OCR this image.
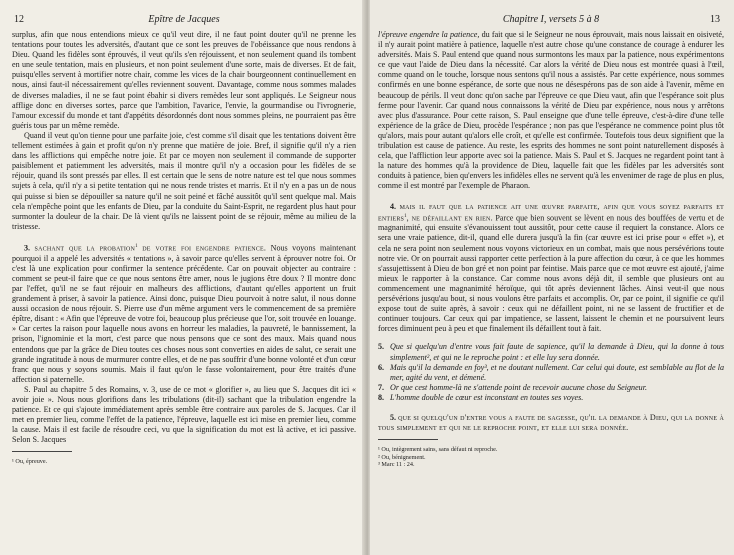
12	Epître de Jacques

surplus, afin que nous entendions mieux ce qu'il veut dire, il ne faut point douter qu'il ne prenne les tentations pour toutes les adversités, d'autant que ce sont les preuves de l'obéissance que nous rendons à Dieu. Quand les fidèles sont éprouvés, il veut qu'ils s'en réjouissent, et non seulement quand ils tombent en une seule tentation, mais en plusieurs, et non point seulement d'une sorte, mais de diverses. Et de fait, puisqu'elles servent à mortifier notre chair, comme les vices de la chair bourgeonnent continuellement en nous, ainsi faut-il nécessairement qu'elles reviennent souvent. Davantage, comme nous sommes malades de diverses maladies, il ne se faut point ébahir si divers remèdes leur sont appliqués. Le Seigneur nous afflige donc en diverses sortes, parce que l'ambition, l'avarice, l'envie, la gourmandise ou l'ivrognerie, l'amour excessif du monde et tant d'appétits désordonnés dont nous sommes pleins, ne pourraient pas être guéris tous par un même remède.

Quand il veut qu'on tienne pour une parfaite joie, c'est comme s'il disait que les tentations doivent être tellement estimées à gain et profit qu'on n'y prenne que matière de joie. Bref, il signifie qu'il n'y a rien dans les afflictions qui empêche notre joie. Et par ce moyen non seulement il commande de supporter paisiblement et patiemment les adversités, mais il montre qu'il n'y a occasion pour les fidèles de se réjouir, quand ils sont pressés par elles. Il est certain que le sens de notre nature est tel que nous sommes sujets à cela, qu'il n'y a si petite tentation qui ne nous rende tristes et marris. Et il n'y en a pas un de nous qui puisse si bien se dépouiller sa nature qu'il ne soit peiné et fâché aussitôt qu'il sent quelque mal. Mais cela n'empêche point que les enfants de Dieu, par la conduite du Saint-Esprit, ne regardent plus haut pour surmonter la douleur de la chair. De là vient qu'ils ne laissent point de se réjouir, même au milieu de la tristesse.

3. sachant que la probation$^1$ de votre foi engendre patience. Nous voyons maintenant pourquoi il a appelé les adversités « tentations », à savoir parce qu'elles servent à éprouver notre foi. Or c'est là une explication pour confirmer la sentence précédente. Car on pouvait objecter au contraire : comment se peut-il faire que ce que nous sentons être amer, nous le jugions être doux ? Il montre donc par l'effet, qu'il ne se faut réjouir en malheurs des afflictions, d'autant qu'elles apportent un fruit grandement à priser, à savoir la patience. Ainsi donc, puisque Dieu pourvoit à notre salut, il nous donne aussi occasion de nous réjouir. S. Pierre use d'un même argument vers le commencement de sa première épître, disant : « Afin que l'épreuve de votre foi, beaucoup plus précieuse que l'or, soit trouvée en louange. » Car certes la raison pour laquelle nous avons en horreur les maladies, la pauvreté, le bannissement, la prison, l'ignominie et la mort, c'est parce que nous pensons que ce sont des maux. Mais quand nous entendons que par la grâce de Dieu toutes ces choses nous sont converties en aides de salut, ce serait une grande ingratitude à nous de murmurer contre elles, et de ne pas souffrir d'une bonne volonté et d'un cœur franc que nous y soyons soumis. Mais il faut qu'on le fasse volontairement, pour être traités d'une affection si paternelle.

S. Paul au chapitre 5 des Romains, v. 3, use de ce mot « glorifier », au lieu que S. Jacques dit ici « avoir joie ». Nous nous glorifions dans les tribulations (dit-il) sachant que la tribulation engendre la patience. Et ce qui s'ajoute immédiatement après semble être contraire aux paroles de S. Jacques. Car il met en premier lieu, comme l'effet de la patience, l'épreuve, laquelle est ici mise en premier lieu, comme la cause. Mais il est facile de résoudre ceci, vu que la signification du mot est là active, et ici passive. Selon S. Jacques

¹ Ou, épreuve.
Chapitre I, versets 5 à 8	13

l'épreuve engendre la patience, du fait que si le Seigneur ne nous éprouvait, mais nous laissait en oisiveté, il n'y aurait point matière à patience, laquelle n'est autre chose qu'une constance de courage à endurer les adversités. Mais S. Paul entend que quand nous surmontons les maux par la patience, nous expérimentons ce que vaut l'aide de Dieu dans la nécessité. Car alors la vérité de Dieu nous est montrée quasi à l'œil, comme quand on le touche, lorsque nous sentons qu'il nous a assistés. Par cette expérience, nous sommes confirmés en une bonne espérance, de sorte que nous ne désespérons pas de son aide à l'avenir, même en beaucoup de périls. Il veut donc qu'on sache par l'épreuve ce que Dieu vaut, afin que l'espérance soit plus ferme pour l'avenir. Car quand nous connaissons la vérité de Dieu par expérience, nous nous y arrêtons avec plus d'assurance. Pour cette raison, S. Paul enseigne que d'une telle épreuve, c'est-à-dire d'une telle expérience de la grâce de Dieu, procède l'espérance ; non pas que l'espérance ne commence point plus tôt qu'alors, mais pour autant qu'alors elle croît, et qu'elle est confirmée. Toutefois tous deux signifient que la tribulation est cause de patience. Au reste, les esprits des hommes ne sont point naturellement disposés à cela, que l'affliction leur apporte avec soi la patience. Mais S. Paul et S. Jacques ne regardent point tant à la nature des hommes qu'à la providence de Dieu, laquelle fait que les fidèles par les adversités sont conduits à patience, bien qu'envers les infidèles elles ne servent qu'à les envenimer de rage de plus en plus, comme il est montré par l'exemple de Pharaon.

4. mais il faut que la patience ait une œuvre parfaite, afin que vous soyez parfaits et entiers$^1$, ne défaillant en rien. Parce que bien souvent se lèvent en nous des bouffées de vertu et de magnanimité, qui ensuite s'évanouissent tout aussitôt, pour cette cause il requiert la constance. Alors ce sera une vraie patience, dit-il, quand elle durera jusqu'à la fin (car œuvre est ici prise pour « effet »), et cela ne sera point non seulement nous voyons victorieux en un combat, mais que nous persévérions toute notre vie. Or on pourrait aussi rapporter cette perfection à la pure affection du cœur, à ce que les hommes s'assujettissent à Dieu de bon gré et non point par feintise. Mais parce que ce mot œuvre est ajouté, j'aime mieux le rapporter à la constance. Car comme nous avons déjà dit, il semble que plusieurs ont au commencement une magnanimité héroïque, qui tôt après deviennent lâches. Ainsi veut-il que nous persévérions jusqu'au bout, si nous voulons être parfaits et accomplis. Or, par ce point, il signifie ce qu'il expose tout de suite après, à savoir : ceux qui ne défaillent point, ni ne se lassent de fructifier et de continuer toujours. Car ceux qui par impatience, se lassent, laissent le chemin et ne poursuivent leurs forces diminuent peu à peu et que finalement ils défaillent tout à fait.

5. Que si quelqu'un d'entre vous fait faute de sapience, qu'il la demande à Dieu, qui la donne à tous simplement², et qui ne le reproche point : et elle luy sera donnée.
6. Mais qu'il la demande en foy³, et ne doutant nullement. Car celui qui doute, est semblable au flot de la mer, agité du vent, et démené.
7. Or que cest homme-là ne s'attende point de recevoir aucune chose du Seigneur.
8. L'homme double de cœur est inconstant en toutes ses voyes.

5. que si quelqu'un d'entre vous a faute de sagesse, qu'il la demande à Dieu, qui la donne à tous simplement et qui ne le reproche point, et elle lui sera donnée.

¹ Ou, intègrement sains, sans défaut ni reproche.
² Ou, bénignement.
³ Marc 11 : 24.
